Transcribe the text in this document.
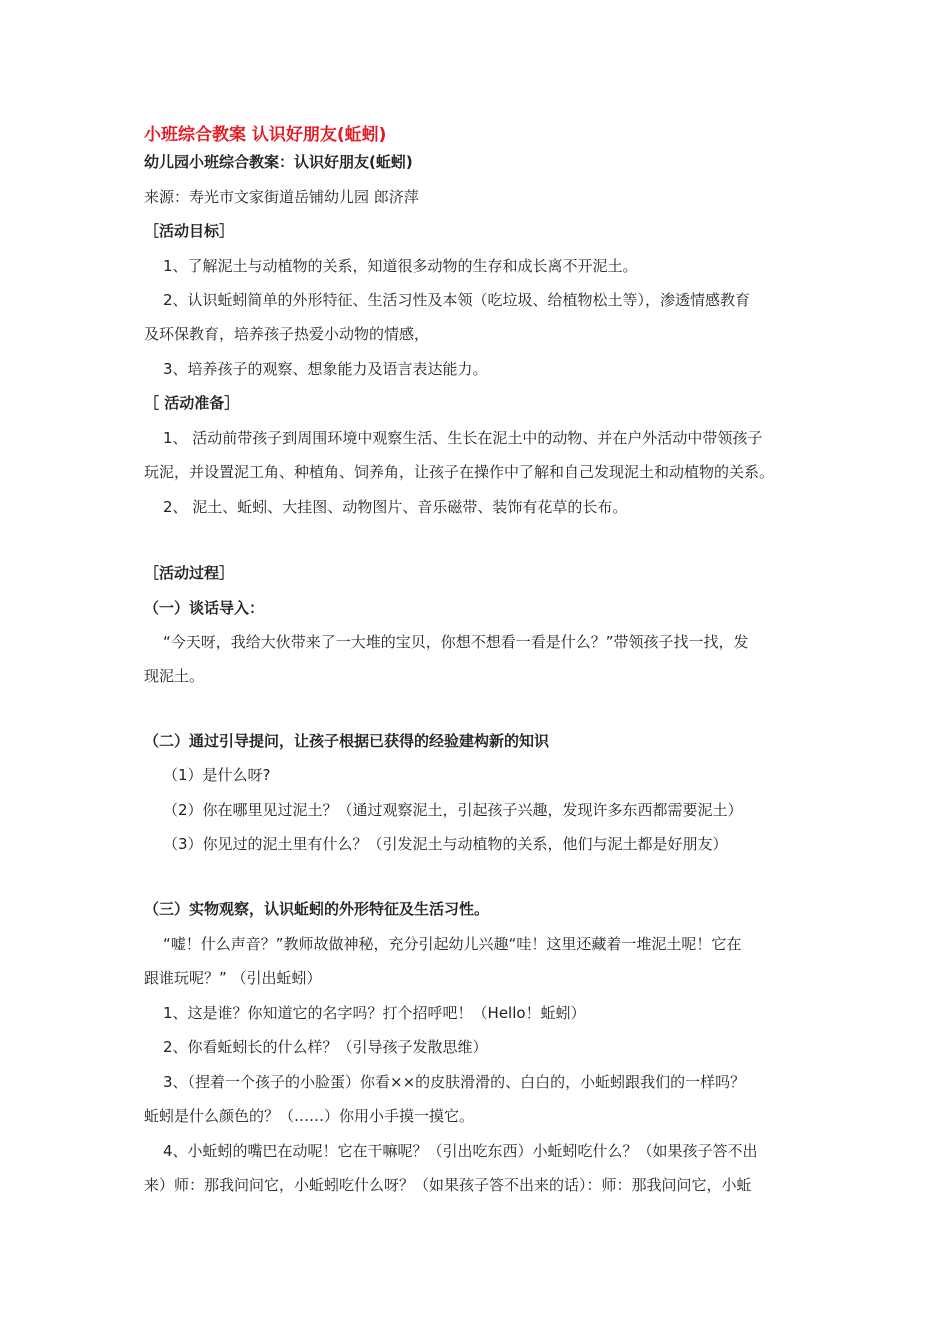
小班综合教案 认识好朋友(蚯蚓)
幼儿园小班综合教案：认识好朋友(蚯蚓)
来源：寿光市文家街道岳铺幼儿园 郎济萍
［活动目标］
1、了解泥土与动植物的关系，知道很多动物的生存和成长离不开泥土。
2、认识蚯蚓简单的外形特征、生活习性及本领（吃垃圾、给植物松土等），渗透情感教育
及环保教育，培养孩子热爱小动物的情感，
3、培养孩子的观察、想象能力及语言表达能力。
［ 活动准备］
1、 活动前带孩子到周围环境中观察生活、生长在泥土中的动物、并在户外活动中带领孩子
玩泥，并设置泥工角、种植角、饲养角，让孩子在操作中了解和自己发现泥土和动植物的关系。
2、 泥土、蚯蚓、大挂图、动物图片、音乐磁带、装饰有花草的长布。
［活动过程］
（一）谈话导入：
“今天呀，我给大伙带来了一大堆的宝贝，你想不想看一看是什么？”带领孩子找一找，发
现泥土。
（二）通过引导提问，让孩子根据已获得的经验建构新的知识
（1）是什么呀?
（2）你在哪里见过泥土？（通过观察泥土，引起孩子兴趣，发现许多东西都需要泥土）
（3）你见过的泥土里有什么？（引发泥土与动植物的关系，他们与泥土都是好朋友）
（三）实物观察，认识蚯蚓的外形特征及生活习性。
“嘘！什么声音？”教师故做神秘，充分引起幼儿兴趣“哇！这里还藏着一堆泥土呢！它在
跟谁玩呢？” （引出蚯蚓）
1、这是谁？你知道它的名字吗？打个招呼吧！（Hello！蚯蚓）
2、你看蚯蚓长的什么样？（引导孩子发散思维）
3、（捏着一个孩子的小脸蛋）你看××的皮肤滑滑的、白白的，小蚯蚓跟我们的一样吗？
蚯蚓是什么颜色的？（……）你用小手摸一摸它。
4、小蚯蚓的嘴巴在动呢！它在干嘛呢？（引出吃东西）小蚯蚓吃什么？（如果孩子答不出
来）师：那我问问它，小蚯蚓吃什么呀？（如果孩子答不出来的话）：师：那我问问它，小蚯
